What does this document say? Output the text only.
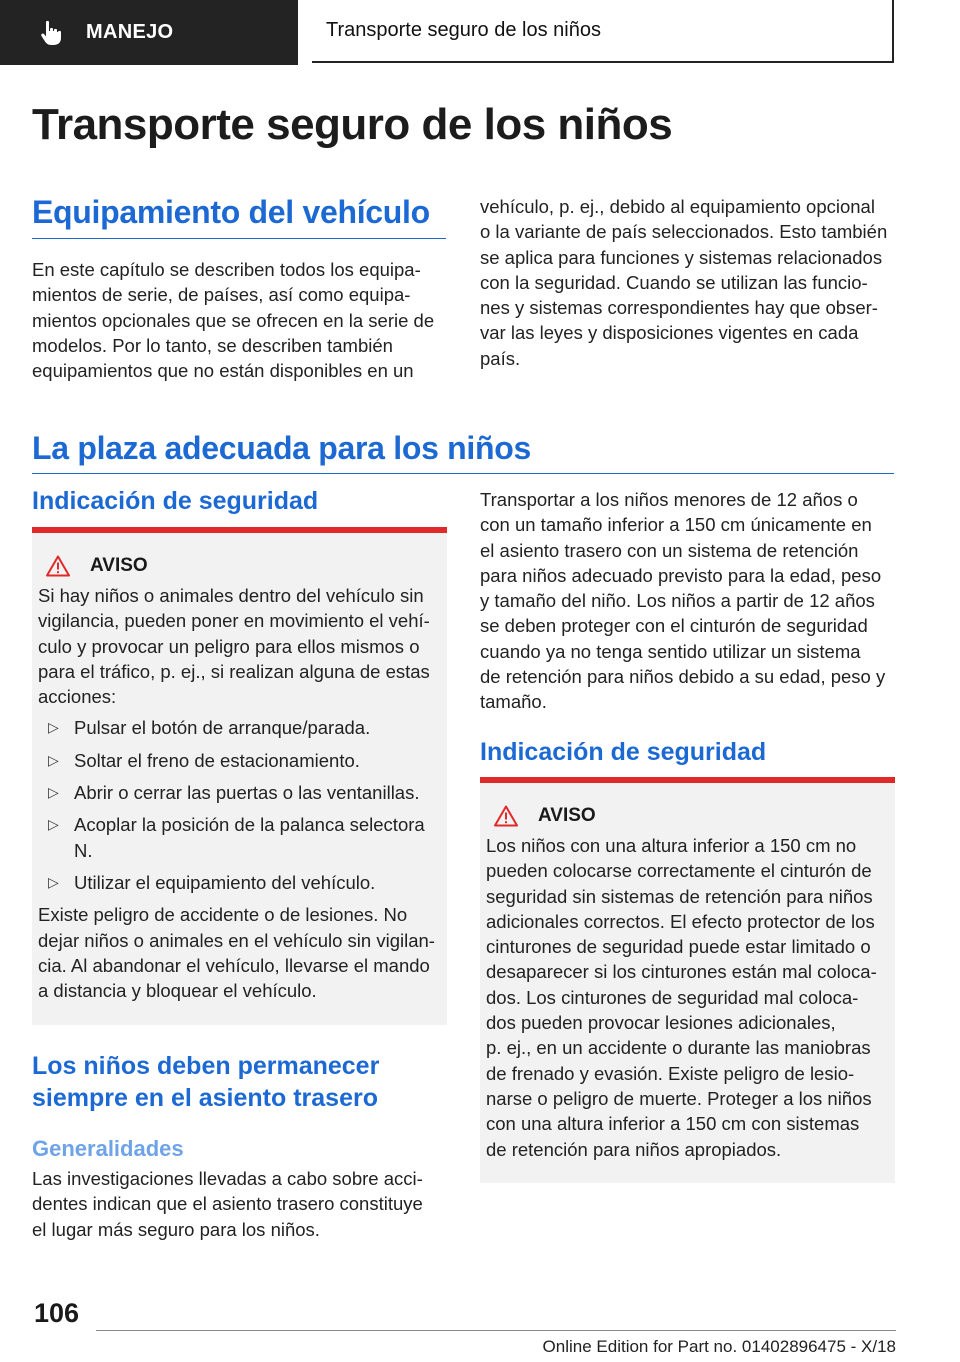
MANEJO	Transporte seguro de los niños
Transporte seguro de los niños
Equipamiento del vehículo

En este capítulo se describen todos los equipa-
mientos de serie, de países, así como equipa-
mientos opcionales que se ofrecen en la serie de
modelos. Por lo tanto, se describen también
equipamientos que no están disponibles en un

vehículo, p. ej., debido al equipamiento opcional
o la variante de país seleccionados. Esto también
se aplica para funciones y sistemas relacionados
con la seguridad. Cuando se utilizan las funcio-
nes y sistemas correspondientes hay que obser-
var las leyes y disposiciones vigentes en cada
país.

La plaza adecuada para los niños
Indicación de seguridad
AVISO

Si hay niños o animales dentro del vehículo sin
vigilancia, pueden poner en movimiento el vehí-
culo y provocar un peligro para ellos mismos o
para el tráfico, p. ej., si realizan alguna de estas
acciones:

▷ Pulsar el botón de arranque/parada.
▷ Soltar el freno de estacionamiento.
▷ Abrir o cerrar las puertas o las ventanillas.
▷ Acoplar la posición de la palanca selectora
N.
▷ Utilizar el equipamiento del vehículo.

Existe peligro de accidente o de lesiones. No
dejar niños o animales en el vehículo sin vigilan-
cia. Al abandonar el vehículo, llevarse el mando
a distancia y bloquear el vehículo.

Los niños deben permanecer
siempre en el asiento trasero
Generalidades

Las investigaciones llevadas a cabo sobre acci-
dentes indican que el asiento trasero constituye
el lugar más seguro para los niños.

Transportar a los niños menores de 12 años o
con un tamaño inferior a 150 cm únicamente en
el asiento trasero con un sistema de retención
para niños adecuado previsto para la edad, peso
y tamaño del niño. Los niños a partir de 12 años
se deben proteger con el cinturón de seguridad
cuando ya no tenga sentido utilizar un sistema
de retención para niños debido a su edad, peso y
tamaño.

Indicación de seguridad
AVISO

Los niños con una altura inferior a 150 cm no
pueden colocarse correctamente el cinturón de
seguridad sin sistemas de retención para niños
adicionales correctos. El efecto protector de los
cinturones de seguridad puede estar limitado o
desaparecer si los cinturones están mal coloca-
dos. Los cinturones de seguridad mal coloca-
dos pueden provocar lesiones adicionales,
p. ej., en un accidente o durante las maniobras
de frenado y evasión. Existe peligro de lesio-
narse o peligro de muerte. Proteger a los niños
con una altura inferior a 150 cm con sistemas
de retención para niños apropiados.

106
Online Edition for Part no. 01402896475 - X/18
